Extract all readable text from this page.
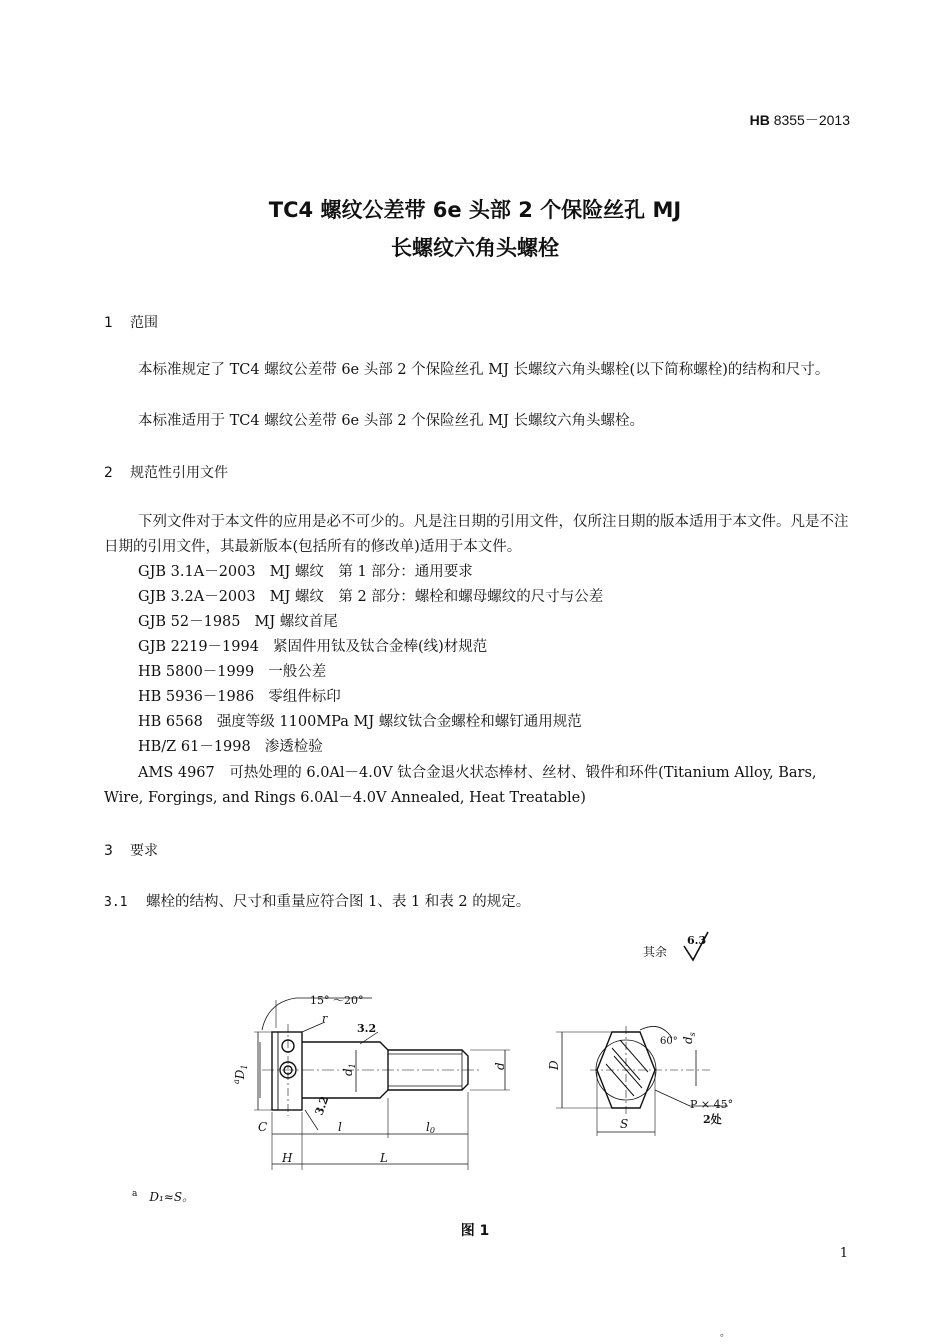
HB 8355－2013
TC4 螺纹公差带 6e 头部 2 个保险丝孔 MJ
长螺纹六角头螺栓
1 范围
本标准规定了 TC4 螺纹公差带 6e 头部 2 个保险丝孔 MJ 长螺纹六角头螺栓(以下简称螺栓)的结构和尺寸。
本标准适用于 TC4 螺纹公差带 6e 头部 2 个保险丝孔 MJ 长螺纹六角头螺栓。
2 规范性引用文件
下列文件对于本文件的应用是必不可少的。凡是注日期的引用文件，仅所注日期的版本适用于本文件。凡是不注日期的引用文件，其最新版本(包括所有的修改单)适用于本文件。
GJB 3.1A－2003 MJ 螺纹　第 1 部分：通用要求
GJB 3.2A－2003 MJ 螺纹　第 2 部分：螺栓和螺母螺纹的尺寸与公差
GJB 52－1985 MJ 螺纹首尾
GJB 2219－1994 紧固件用钛及钛合金棒(线)材规范
HB 5800－1999 一般公差
HB 5936－1986 零组件标印
HB 6568 强度等级 1100MPa MJ 螺纹钛合金螺栓和螺钉通用规范
HB/Z 61－1998 渗透检验
AMS 4967　可热处理的 6.0Al－4.0V 钛合金退火状态棒材、丝材、锻件和环件(Titanium Alloy, Bars, Wire, Forgings, and Rings 6.0Al－4.0V Annealed, Heat Treatable)
3 要求
3.1 螺栓的结构、尺寸和重量应符合图 1、表 1 和表 2 的规定。
其余
6.3
15° ～20°
r
3.2
3.2
$^aD_1$
$d_1$	d
C	l	l0
H	L
D
S
60° $d_s$
P × 45°
2处
$^a$ D₁≈S。
图 1
1
。
